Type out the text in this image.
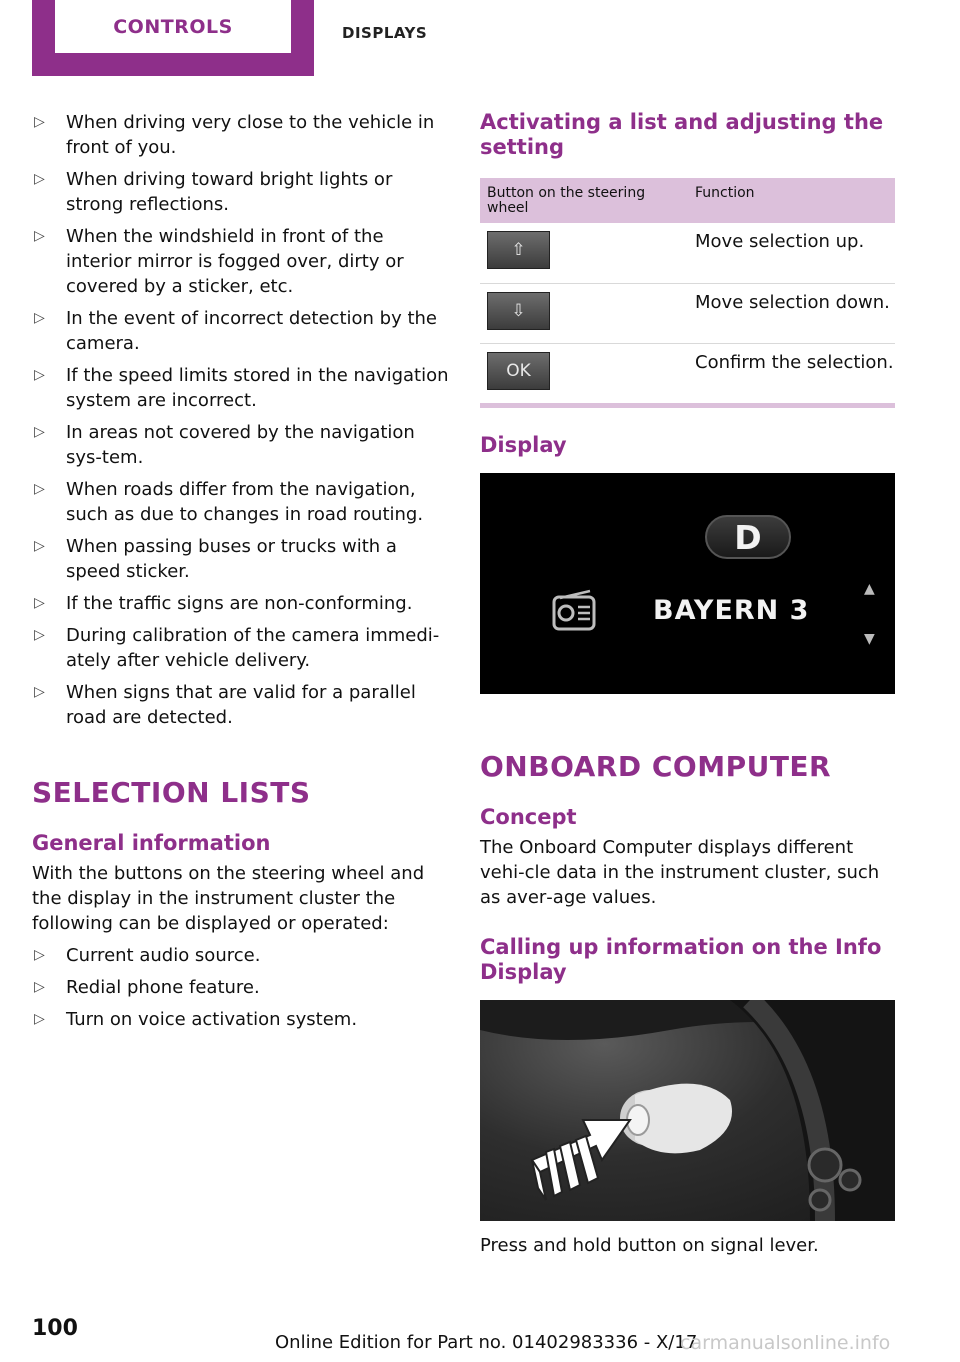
CONTROLS	DISPLAYS
▷ When driving very close to the vehicle in front of you.
▷ When driving toward bright lights or strong reflections.
▷ When the windshield in front of the interior mirror is fogged over, dirty or covered by a sticker, etc.
▷ In the event of incorrect detection by the camera.
▷ If the speed limits stored in the navigation system are incorrect.
▷ In areas not covered by the navigation sys‐tem.
▷ When roads differ from the navigation, such as due to changes in road routing.
▷ When passing buses or trucks with a speed sticker.
▷ If the traffic signs are non-conforming.
▷ During calibration of the camera immedi‐ately after vehicle delivery.
▷ When signs that are valid for a parallel road are detected.
SELECTION LISTS
General information
With the buttons on the steering wheel and the display in the instrument cluster the following can be displayed or operated:
▷ Current audio source.
▷ Redial phone feature.
▷ Turn on voice activation system.
Activating a list and adjusting the setting
Button on the steering wheel	Function

⇧	Move selection up.

⇩	Move selection down.

OK	Confirm the selection.
Display
D
BAYERN 3
▲
▼
ONBOARD COMPUTER
Concept
The Onboard Computer displays different vehi‐cle data in the instrument cluster, such as aver‐age values.
Calling up information on the Info Display
Press and hold button on signal lever.
100
Online Edition for Part no. 01402983336 - X/17
carmanualsonline.info
